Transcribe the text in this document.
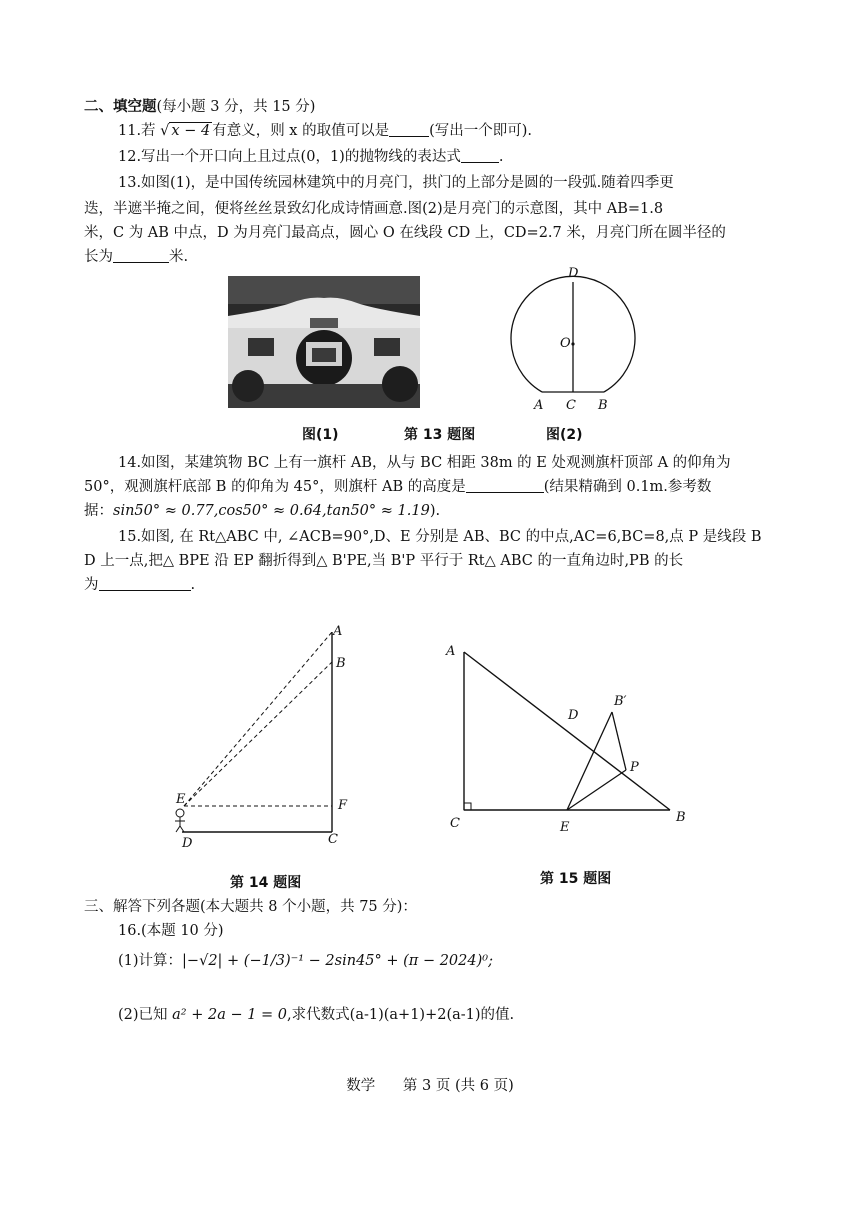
二、填空题(每小题 3 分，共 15 分)
11.若 √ x − 4 有意义，则 x 的取值可以是	(写出一个即可).
12.写出一个开口向上且过点(0，1)的抛物线的表达式	.
13.如图(1)，是中国传统园林建筑中的月亮门，拱门的上部分是圆的一段弧.随着四季更
迭，半遮半掩之间，便将丝丝景致幻化成诗情画意.图(2)是月亮门的示意图，其中 AB=1.8
米，C 为 AB 中点，D 为月亮门最高点，圆心 O 在线段 CD 上，CD=2.7 米，月亮门所在圆半径的
长为	米.
D
O
A C B
图(1)	第 13 题图	图(2)
14.如图，某建筑物 BC 上有一旗杆 AB，从与 BC 相距 38m 的 E 处观测旗杆顶部 A 的仰角为
50°，观测旗杆底部 B 的仰角为 45°，则旗杆 AB 的高度是	(结果精确到 0.1m.参考数
据：sin50° ≈ 0.77,cos50° ≈ 0.64,tan50° ≈ 1.19).
15.如图, 在 Rt△ABC 中, ∠ACB=90°,D、E 分别是 AB、BC 的中点,AC=6,BC=8,点 P 是线段 B
D 上一点,把△ BPE 沿 EP 翻折得到△ B'PE,当 B'P 平行于 Rt△ ABC 的一直角边时,PB 的长
为	.
A
B
E	F
D	C
第 14 题图
A
D
B′
P
C	E
B
第 15 题图
三、解答下列各题(本大题共 8 个小题，共 75 分)：
16.(本题 10 分)
(1)计算：|−√2| + (−1/3)⁻¹ − 2sin45° + (π − 2024)⁰;
(2)已知 a² + 2a − 1 = 0,求代数式(a-1)(a+1)+2(a-1)的值.
数学 第 3 页 (共 6 页)
